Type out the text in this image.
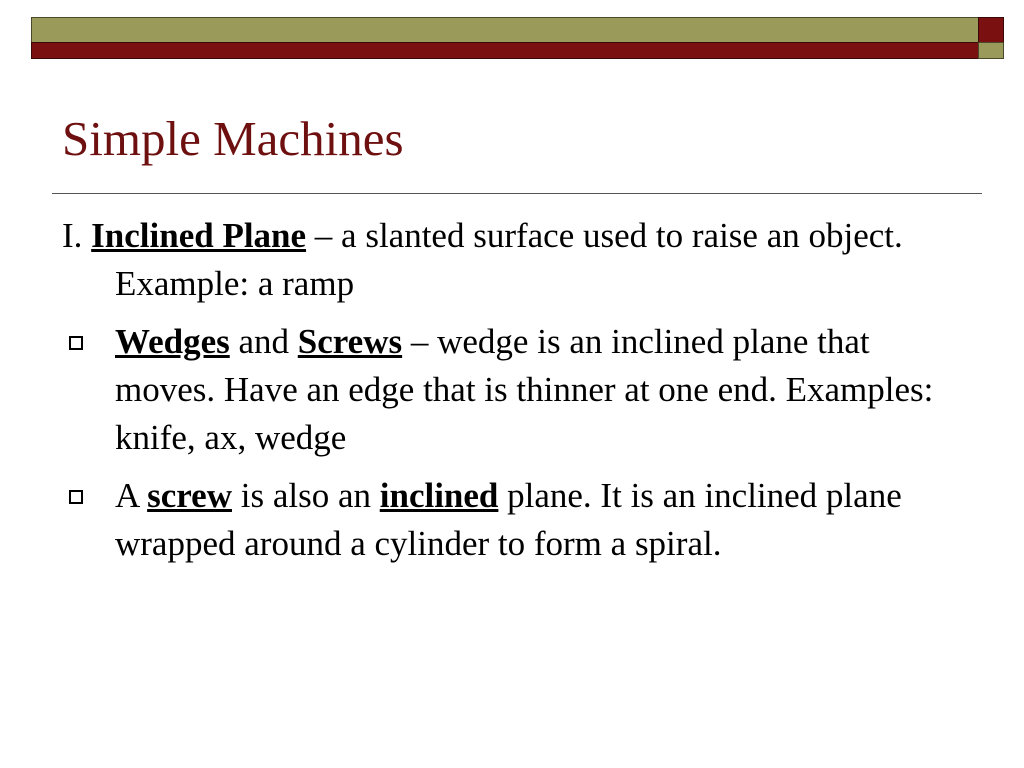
Simple Machines

I. Inclined Plane – a slanted surface used to raise an object. Example: a ramp

Wedges and Screws – wedge is an inclined plane that moves. Have an edge that is thinner at one end. Examples: knife, ax, wedge

A screw is also an inclined plane. It is an inclined plane wrapped around a cylinder to form a spiral.
